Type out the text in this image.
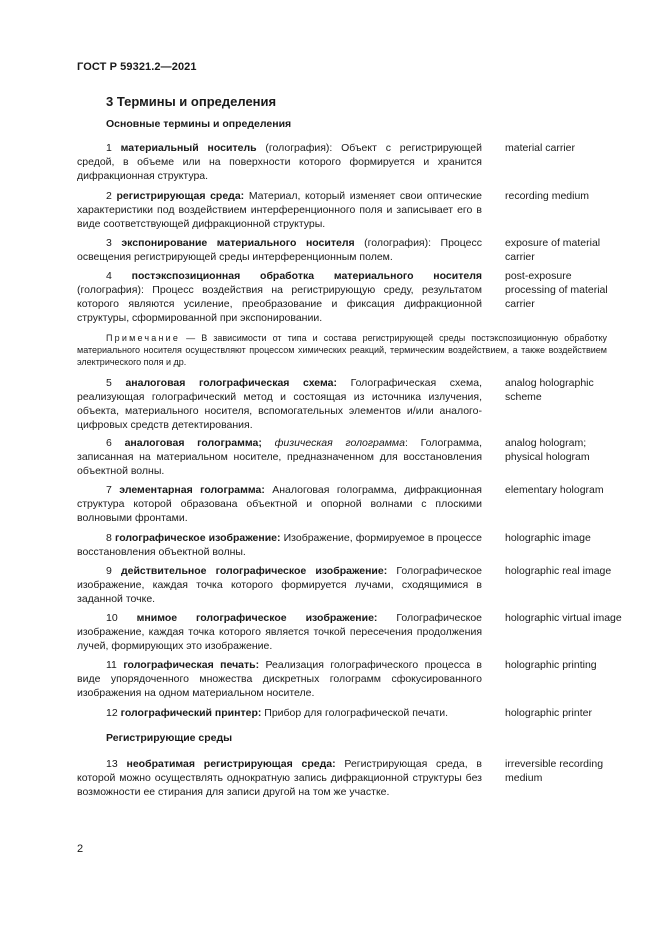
ГОСТ Р 59321.2—2021
3 Термины и определения
Основные термины и определения

1 материальный носитель (голография): Объект с регистрирующей средой, в объеме или на поверхности которого формируется и хранится дифракционная структура.

material carrier

2 регистрирующая среда: Материал, который изменяет свои оптические характеристики под воздействием интерференционного поля и записывает его в виде соответствующей дифракционной структуры.

recording medium

3 экспонирование материального носителя (голография): Процесс освещения регистрирующей среды интерференционным полем.

exposure of material carrier

4 постэкспозиционная обработка материального носителя (голография): Процесс воздействия на регистрирующую среду, результатом которого являются усиление, преобразование и фиксация дифракционной структуры, сформированной при экспонировании.

post-exposure processing of material carrier

Примечание — В зависимости от типа и состава регистрирующей среды постэкспозиционную обработку материального носителя осуществляют процессом химических реакций, термическим воздействием, а также воздействием электрического поля и др.

5 аналоговая голографическая схема: Голографическая схема, реализующая голографический метод и состоящая из источника излучения, объекта, материального носителя, вспомогательных элементов и/или аналого-цифровых средств детектирования.

analog holographic scheme

6 аналоговая голограмма; физическая голограмма: Голограмма, записанная на материальном носителе, предназначенном для восстановления объектной волны.

analog hologram; physical hologram

7 элементарная голограмма: Аналоговая голограмма, дифракционная структура которой образована объектной и опорной волнами с плоскими волновыми фронтами.

elementary hologram

8 голографическое изображение: Изображение, формируемое в процессе восстановления объектной волны.

holographic image

9 действительное голографическое изображение: Голографическое изображение, каждая точка которого формируется лучами, сходящимися в заданной точке.

holographic real image

10 мнимое голографическое изображение: Голографическое изображение, каждая точка которого является точкой пересечения продолжения лучей, формирующих это изображение.

holographic virtual image

11 голографическая печать: Реализация голографического процесса в виде упорядоченного множества дискретных голограмм сфокусированного изображения на одном материальном носителе.

holographic printing

12 голографический принтер: Прибор для голографической печати.	holographic printer

Регистрирующие среды

13 необратимая регистрирующая среда: Регистрирующая среда, в которой можно осуществлять однократную запись дифракционной структуры без возможности ее стирания для записи другой на том же участке.

irreversible recording medium

2
